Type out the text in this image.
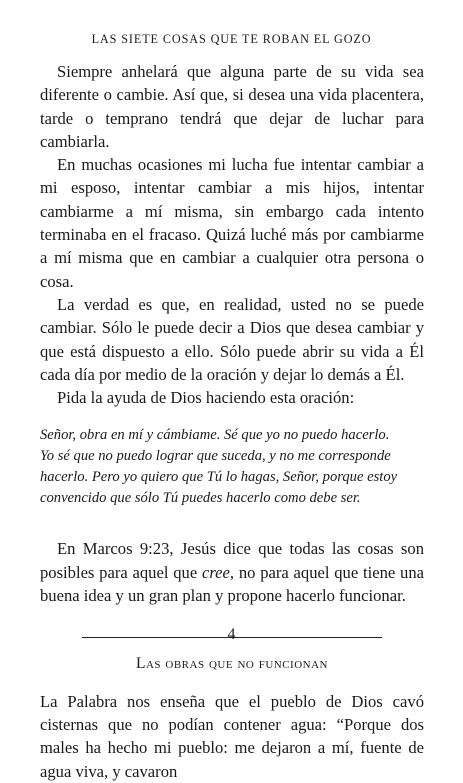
LAS SIETE COSAS QUE TE ROBAN EL GOZO

Siempre anhelará que alguna parte de su vida sea diferente o cambie. Así que, si desea una vida placentera, tarde o temprano tendrá que dejar de luchar para cambiarla.

En muchas ocasiones mi lucha fue intentar cambiar a mi esposo, intentar cambiar a mis hijos, intentar cambiarme a mí misma, sin embargo cada intento terminaba en el fracaso. Quizá luché más por cambiarme a mí misma que en cambiar a cualquier otra persona o cosa.

La verdad es que, en realidad, usted no se puede cambiar. Sólo le puede decir a Dios que desea cambiar y que está dispuesto a ello. Sólo puede abrir su vida a Él cada día por medio de la oración y dejar lo demás a Él.

Pida la ayuda de Dios haciendo esta oración:

Señor, obra en mí y cámbiame. Sé que yo no puedo hacerlo.
Yo sé que no puedo lograr que suceda, y no me corresponde
hacerlo. Pero yo quiero que Tú lo hagas, Señor, porque estoy
convencido que sólo Tú puedes hacerlo como debe ser.

En Marcos 9:23, Jesús dice que todas las cosas son posibles para aquel que cree, no para aquel que tiene una buena idea y un gran plan y propone hacerlo funcionar.

Las obras que no funcionan

La Palabra nos enseña que el pueblo de Dios cavó cisternas que no podían contener agua: “Porque dos males ha hecho mi pueblo: me dejaron a mí, fuente de agua viva, y cavaron

4
